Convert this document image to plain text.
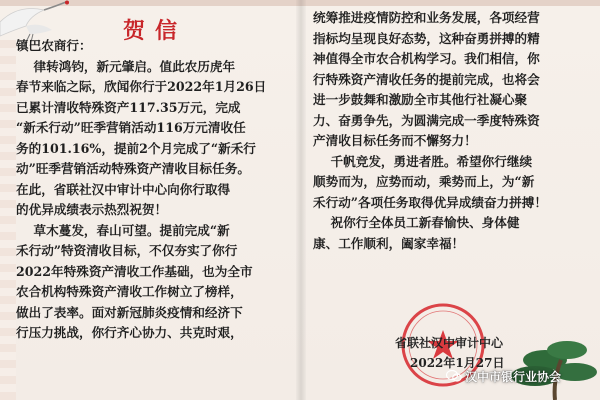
贺信

镇巴农商行：

律转鸿钧，新元肇启。值此农历虎年

春节来临之际，欣闻你行于2022年1月26日

已累计清收特殊资产117.35万元，完成

“新禾行动”旺季营销活动116万元清收任

务的101.16%，提前2个月完成了“新禾行

动”旺季营销活动特殊资产清收目标任务。

在此，省联社汉中审计中心向你行取得

的优异成绩表示热烈祝贺！

草木蔓发，春山可望。提前完成“新

禾行动”特资清收目标，不仅夯实了你行

2022年特殊资产清收工作基础，也为全市

农合机构特殊资产清收工作树立了榜样，

做出了表率。面对新冠肺炎疫情和经济下

行压力挑战，你行齐心协力、共克时艰，

统筹推进疫情防控和业务发展，各项经营

指标均呈现良好态势，这种奋勇拼搏的精

神值得全市农合机构学习。我们相信，你

行特殊资产清收任务的提前完成，也将会

进一步鼓舞和激励全市其他行社凝心聚

力、奋勇争先，为圆满完成一季度特殊资

产清收目标任务而不懈努力！

千帆竞发，勇进者胜。希望你行继续

顺势而为，应势而动，乘势而上，为“新

禾行动”各项任务取得优异成绩奋力拼搏！

祝你行全体员工新春愉快、身体健

康、工作顺利，阖家幸福！

省联社汉中审计中心
2022年1月27日
汉中市银行业协会
